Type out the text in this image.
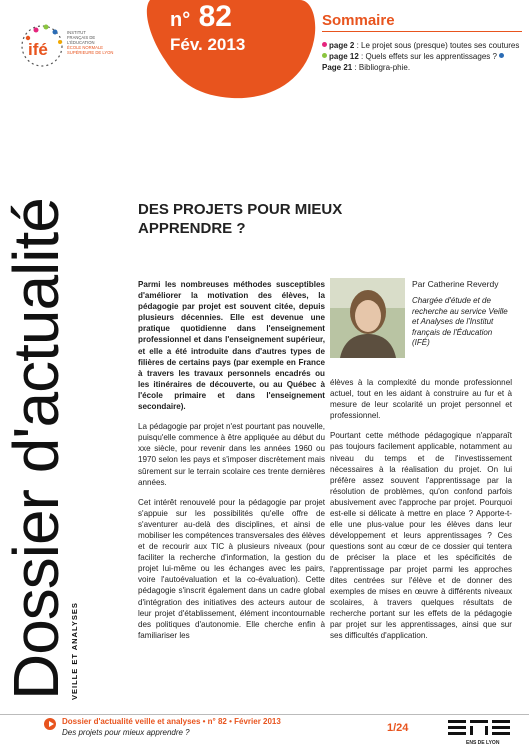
ifé
INSTITUT
FRANÇAIS DE
L'ÉDUCATION
ÉCOLE NORMALE
SUPÉRIEURE DE LYON
n° 82
Fév. 2013
Sommaire
page 2 : Le projet sous (presque) toutes ses coutures page 12 : Quels effets sur les apprentissages ? Page 21 : Bibliogra-phie.
Dossier d'actualité
VEILLE ET ANALYSES
DES PROJETS POUR MIEUX
APPRENDRE ?
Par Catherine Reverdy
Chargée d'étude et de recherche au service Veille et Analyses de l'Institut français de l'Éducation (IFÉ)

Parmi les nombreuses méthodes susceptibles d'améliorer la motivation des élèves, la pédagogie par projet est souvent citée, depuis plusieurs décennies. Elle est devenue une pratique quotidienne dans l'enseignement professionnel et dans l'enseignement supérieur, et elle a été introduite dans d'autres types de filières de certains pays (par exemple en France à travers les travaux personnels encadrés ou les itinéraires de découverte, ou au Québec à l'école primaire et dans l'enseignement secondaire).

La pédagogie par projet n'est pourtant pas nouvelle, puisqu'elle commence à être appliquée au début du xxe siècle, pour revenir dans les années 1960 ou 1970 selon les pays et s'imposer discrètement mais sûrement sur le terrain scolaire ces trente dernières années.

Cet intérêt renouvelé pour la pédagogie par projet s'appuie sur les possibilités qu'elle offre de s'aventurer au-delà des disciplines, et ainsi de mobiliser les compétences transversales des élèves et de recourir aux TIC à plusieurs niveaux (pour faciliter la recherche d'information, la gestion du projet lui-même ou les échanges avec les pairs, voire l'autoévaluation et la co-évaluation). Cette pédagogie s'inscrit également dans un cadre global d'intégration des initiatives des acteurs autour de leur projet d'établissement, élément incontournable des politiques d'autonomie. Elle cherche enfin à familiariser les

élèves à la complexité du monde professionnel actuel, tout en les aidant à construire au fur et à mesure de leur scolarité un projet personnel et professionnel.

Pourtant cette méthode pédagogique n'apparaît pas toujours facilement applicable, notamment au niveau du temps et de l'investissement nécessaires à la réalisation du projet. On lui préfère assez souvent l'apprentissage par la résolution de problèmes, qu'on confond parfois abusivement avec l'approche par projet. Pourquoi est-elle si délicate à mettre en place ? Apporte-t-elle une plus-value pour les élèves dans leur développement et leurs apprentissages ? Ces questions sont au cœur de ce dossier qui tentera de préciser la place et les spécificités de l'apprentissage par projet parmi les approches dites centrées sur l'élève et de donner des exemples de mises en œuvre à différents niveaux scolaires, à travers quelques résultats de recherche portant sur les effets de la pédagogie par projet sur les apprentissages, ainsi que sur ses difficultés d'application.

Dossier d'actualité veille et analyses • n° 82 • Février 2013
Des projets pour mieux apprendre ?	1/24
ENS DE LYON
